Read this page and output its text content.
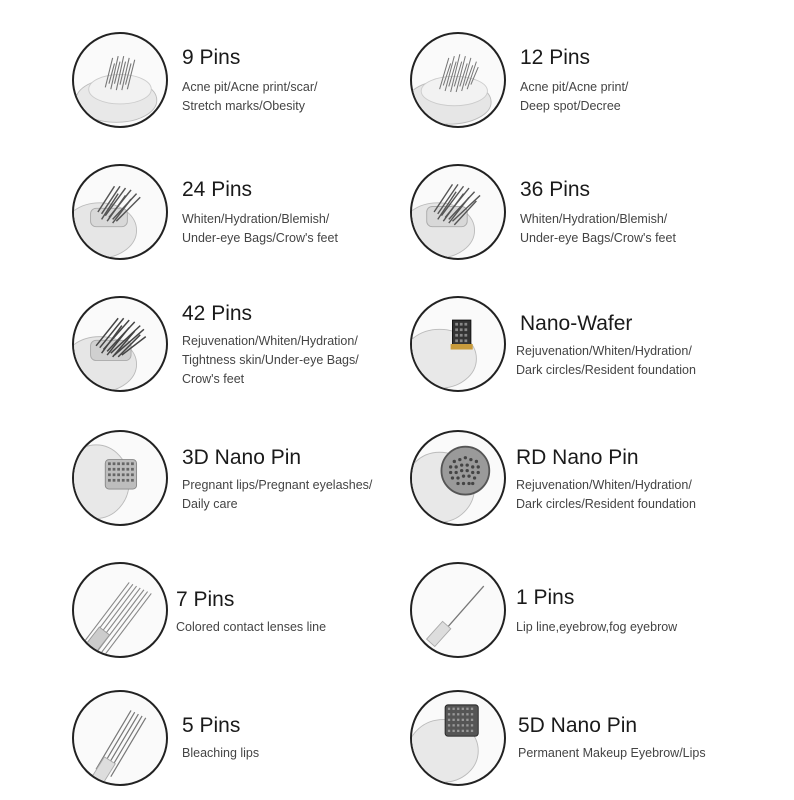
9 Pins
Acne pit/Acne print/scar/
Stretch marks/Obesity
12 Pins
Acne pit/Acne print/
Deep spot/Decree
24 Pins
Whiten/Hydration/Blemish/
Under-eye Bags/Crow's feet
36 Pins
Whiten/Hydration/Blemish/
Under-eye Bags/Crow's feet
42 Pins
Rejuvenation/Whiten/Hydration/
Tightness skin/Under-eye Bags/
Crow's feet
Nano-Wafer
Rejuvenation/Whiten/Hydration/
Dark circles/Resident foundation
3D Nano Pin
Pregnant lips/Pregnant eyelashes/
Daily care
RD Nano Pin
Rejuvenation/Whiten/Hydration/
Dark circles/Resident foundation
7 Pins
Colored contact lenses line
1 Pins
Lip line,eyebrow,fog eyebrow
5 Pins
Bleaching lips
5D Nano Pin
Permanent Makeup Eyebrow/Lips
